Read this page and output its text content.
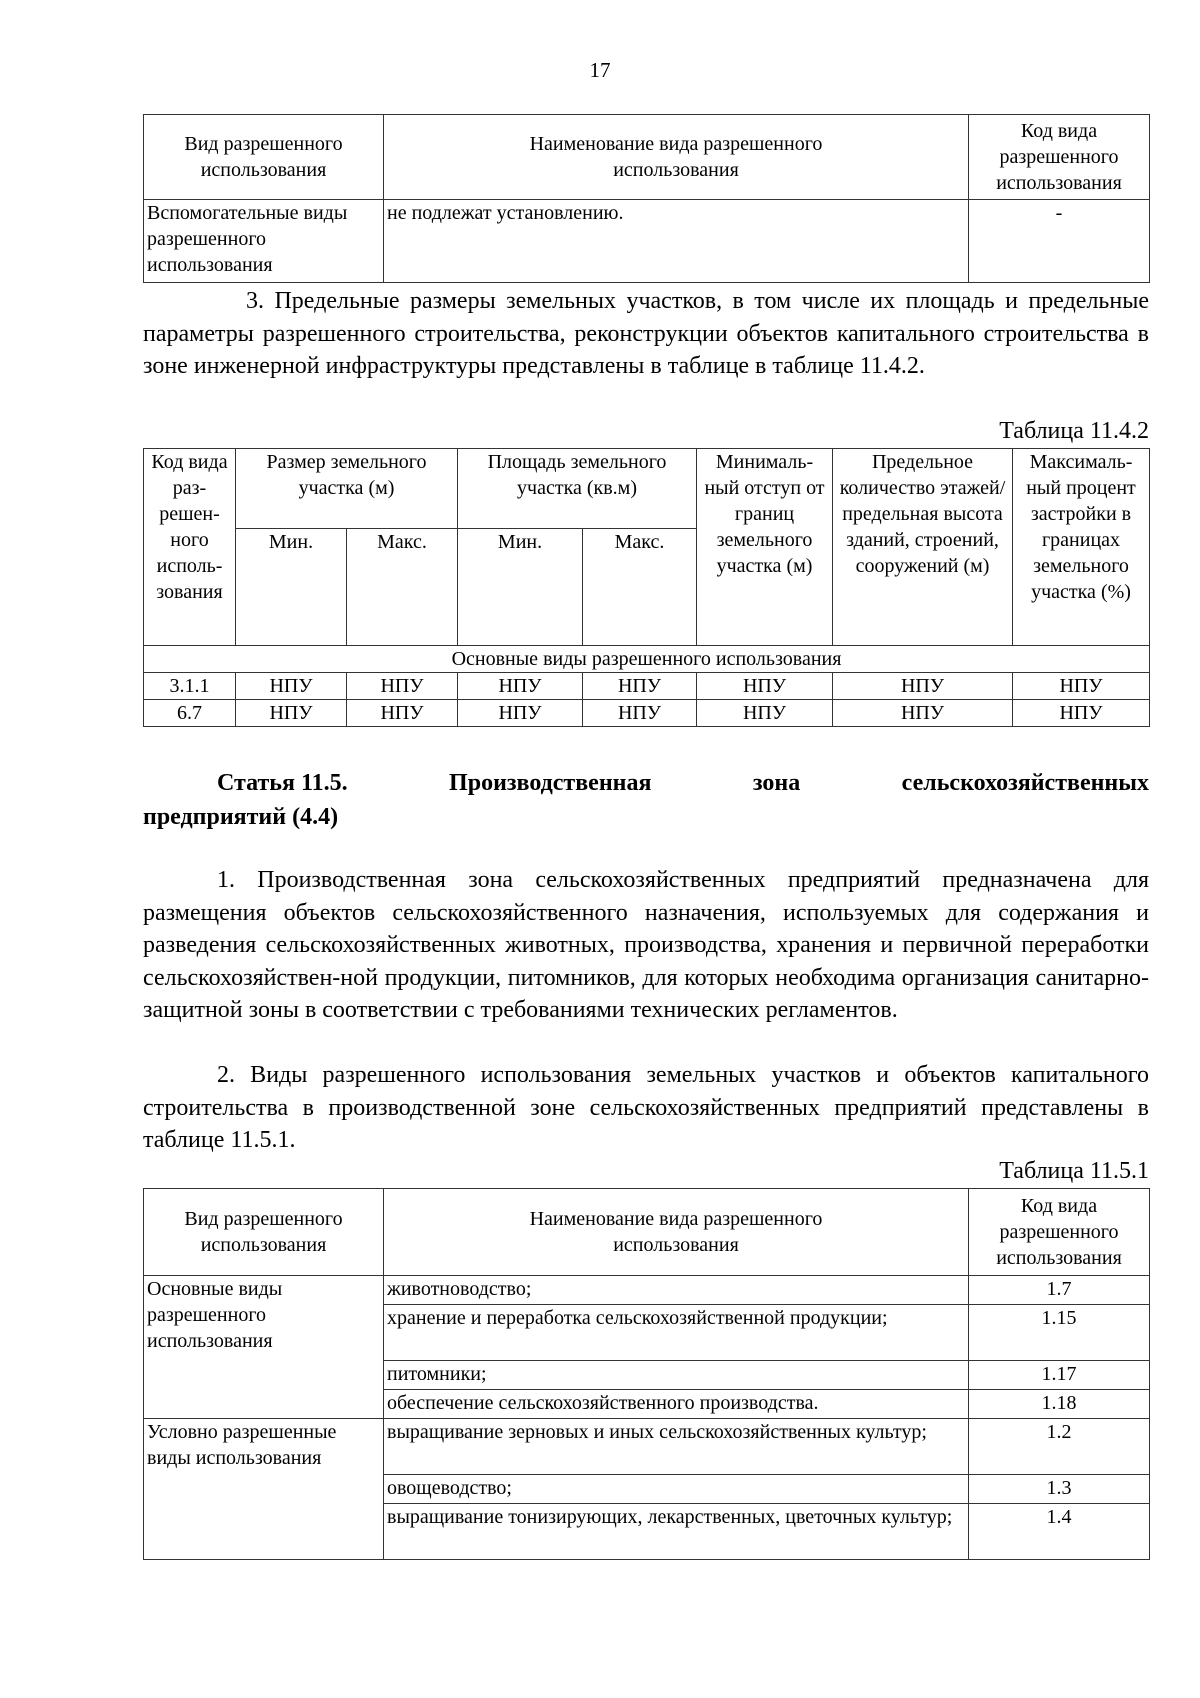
17
Вид разрешенного использования	Наименование вида разрешенного использования	Код вида разрешенного использования
Вспомогательные виды разрешенного использования	не подлежат установлению.	-
3. Предельные размеры земельных участков, в том числе их площадь и предельные параметры разрешенного строительства, реконструкции объектов капитального строительства в зоне инженерной инфраструктуры представлены в таблице в таблице 11.4.2.
Таблица 11.4.2
Код вида раз-решен-ного исполь-зования	Размер земельного участка (м)		Площадь земельного участка (кв.м)		Минималь-ный отступ от границ земельного участка (м)	Предельное количество этажей/ предельная высота зданий, строений, сооружений (м)	Максималь-ный процент застройки в границах земельного участка (%)
	Мин.	Макс.	Мин.	Макс.			
Основные виды разрешенного использования							
3.1.1	НПУ	НПУ	НПУ	НПУ	НПУ	НПУ	НПУ
6.7	НПУ	НПУ	НПУ	НПУ	НПУ	НПУ	НПУ
Статья 11.5.	Производственная	зона	сельскохозяйственных
предприятий (4.4)
1. Производственная зона сельскохозяйственных предприятий предназначена для размещения объектов сельскохозяйственного назначения, используемых для содержания и разведения сельскохозяйственных животных, производства, хранения и первичной переработки сельскохозяйствен-ной продукции, питомников, для которых необходима организация санитарно-защитной зоны в соответствии с требованиями технических регламентов.
2. Виды разрешенного использования земельных участков и объектов капитального строительства в производственной зоне сельскохозяйственных предприятий представлены в таблице 11.5.1.
Таблица 11.5.1
Вид разрешенного использования	Наименование вида разрешенного использования	Код вида разрешенного использования
Основные виды разрешенного использования	животноводство;	1.7
	хранение и переработка сельскохозяйственной продукции;	1.15
	питомники;	1.17
	обеспечение сельскохозяйственного производства.	1.18
Условно разрешенные виды использования	выращивание зерновых и иных сельскохозяйственных культур;	1.2
	овощеводство;	1.3
	выращивание тонизирующих, лекарственных, цветочных культур;	1.4
